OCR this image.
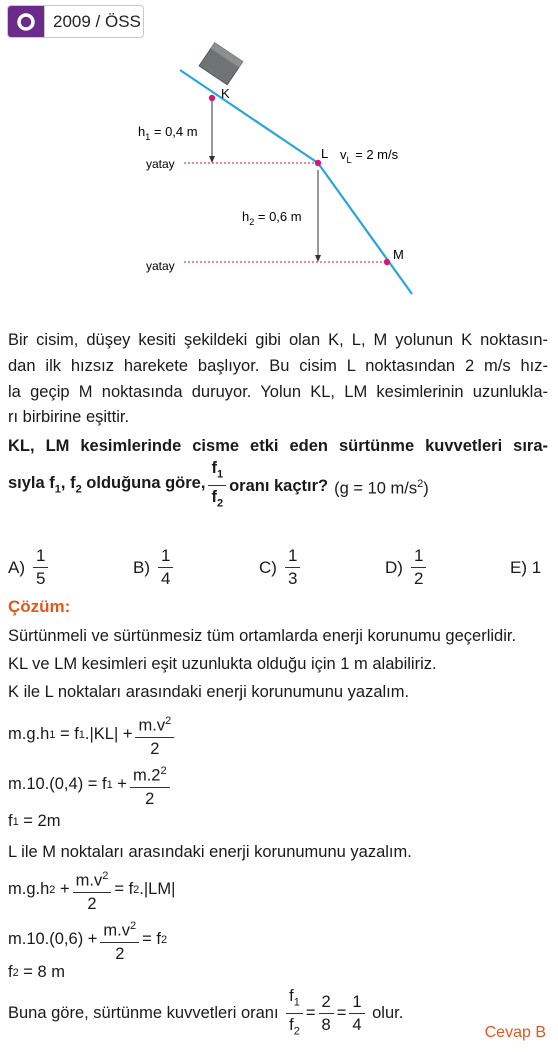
2009 / ÖSS
K
L
M
$h_1 = 0,4$ m
$h_2 = 0,6$ m
$v_L = 2$ m/s
yatay
yatay
Bir cisim, düşey kesiti şekildeki gibi olan K, L, M yolunun K noktasın-
dan ilk hızsız harekete başlıyor. Bu cisim L noktasından 2 m/s hız-
la geçip M noktasında duruyor. Yolun KL, LM kesimlerinin uzunlukla-
rı birbirine eşittir.
KL, LM kesimlerinde cisme etki eden sürtünme kuvvetleri sıra-
sıyla $f_1$, $f_2$ olduğuna göre, $\frac{f_1}{f_2}$ oranı kaçtır? (g = 10 $m/s^2$)
$A) \frac{1}{5}$	$B) \frac{1}{4}$	$C) \frac{1}{3}$	$D) \frac{1}{2}$	E)
1
Çözüm:
Sürtünmeli ve sürtünmesiz tüm ortamlarda enerji korunumu geçerlidir.
KL ve LM kesimleri eşit uzunlukta olduğu için 1 m alabiliriz.
K ile L noktaları arasındaki enerji korunumunu yazalım.
m.g.h 1 = f 1 $.|KL| + \frac{m.v^2}{2}$
m.10.(0,4) = f $1 + \frac{m.2^2}{2}$
f 1 = 2m
L ile M noktaları arasındaki enerji korunumunu yazalım.
m.g.h $2 + \frac{m.v^2}{2} = f$ 2 .|LM|
$m.10.(0,6) + \frac{m.v^2}{2} = f$ 2
f 2 = 8 m
Buna göre, sürtünme kuvvetleri oranı
$\frac{f_1}{f_2} = \frac{2}{8} = \frac{1}{4}$
olur.
Cevap B
